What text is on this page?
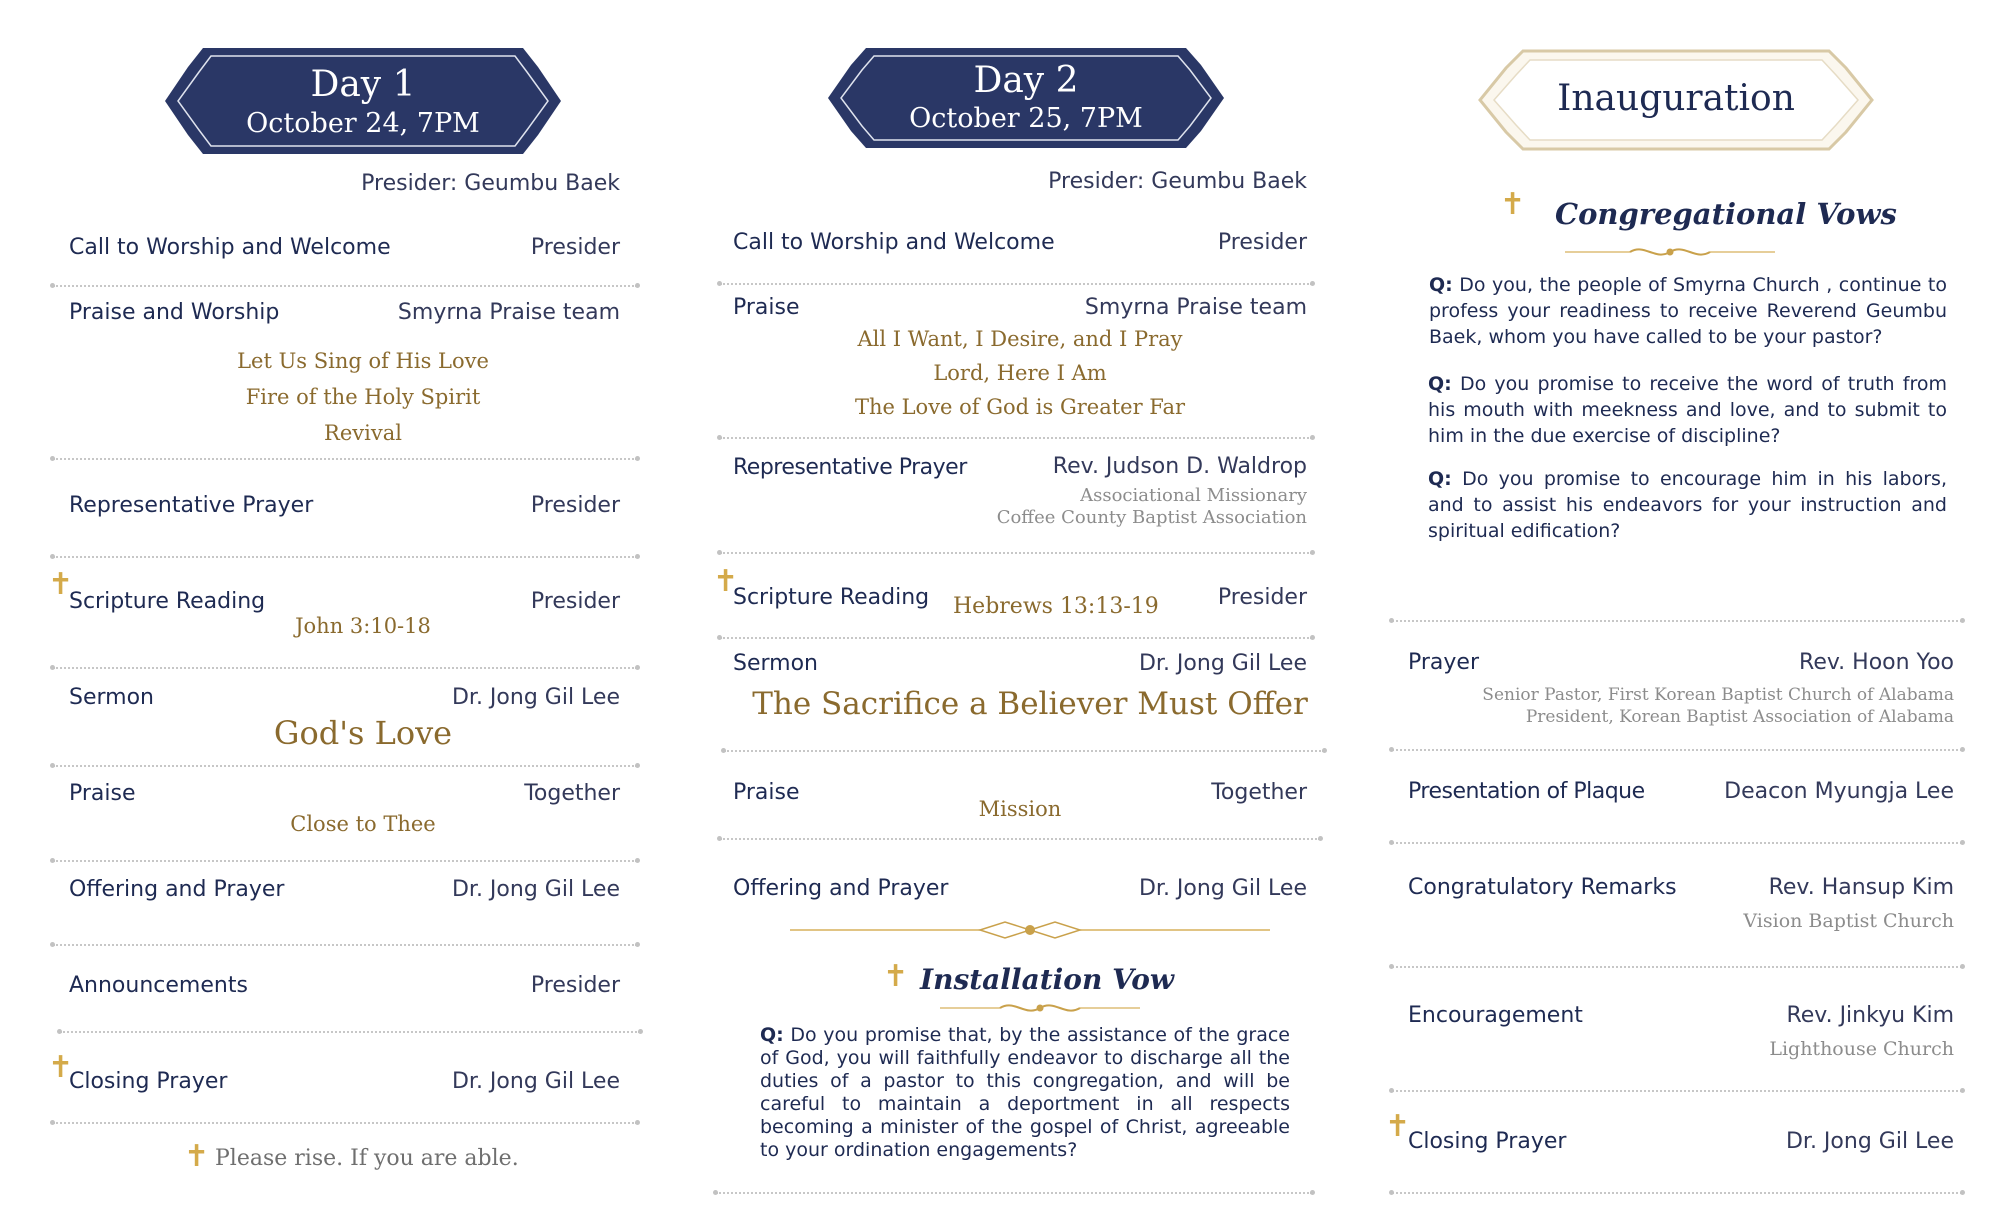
Day 1
October 24, 7PM
Presider: Geumbu Baek
Call to Worship and Welcome	Presider
Praise and Worship	Smyrna Praise team
Let Us Sing of His Love
Fire of the Holy Spirit
Revival
Representative Prayer	Presider
✝
Scripture Reading	Presider
John 3:10-18
Sermon	Dr. Jong Gil Lee
God's Love
Praise	Together
Close to Thee
Offering and Prayer	Dr. Jong Gil Lee
Announcements	Presider
✝
Closing Prayer	Dr. Jong Gil Lee
✝ Please rise. If you are able.
Day 2
October 25, 7PM
Presider: Geumbu Baek
Call to Worship and Welcome	Presider
Praise	Smyrna Praise team
All I Want, I Desire, and I Pray
Lord, Here I Am
The Love of God is Greater Far
Representative Prayer	Rev. Judson D. Waldrop
Associational Missionary
Coffee County Baptist Association
✝
Scripture Reading Hebrews 13:13-19	Presider
Sermon	Dr. Jong Gil Lee
The Sacrifice a Believer Must Offer
Praise	Together
Mission
Offering and Prayer	Dr. Jong Gil Lee
✝ Installation Vow
Q: Do you promise that, by the assistance of the grace of God, you will faithfully endeavor to discharge all the duties of a pastor to this congregation, and will be careful to maintain a deportment in all respects becoming a minister of the gospel of Christ, agreeable to your ordination engagements?
Inauguration
✝ Congregational Vows
Q: Do you, the people of Smyrna Church , continue to profess your readiness to receive Reverend Geumbu Baek, whom you have called to be your pastor?
Q: Do you promise to receive the word of truth from his mouth with meekness and love, and to submit to him in the due exercise of discipline?
Q: Do you promise to encourage him in his labors, and to assist his endeavors for your instruction and spiritual edification?
Prayer	Rev. Hoon Yoo
Senior Pastor, First Korean Baptist Church of Alabama
President, Korean Baptist Association of Alabama
Presentation of Plaque	Deacon Myungja Lee
Congratulatory Remarks	Rev. Hansup Kim
Vision Baptist Church
Encouragement	Rev. Jinkyu Kim
Lighthouse Church
✝
Closing Prayer	Dr. Jong Gil Lee
